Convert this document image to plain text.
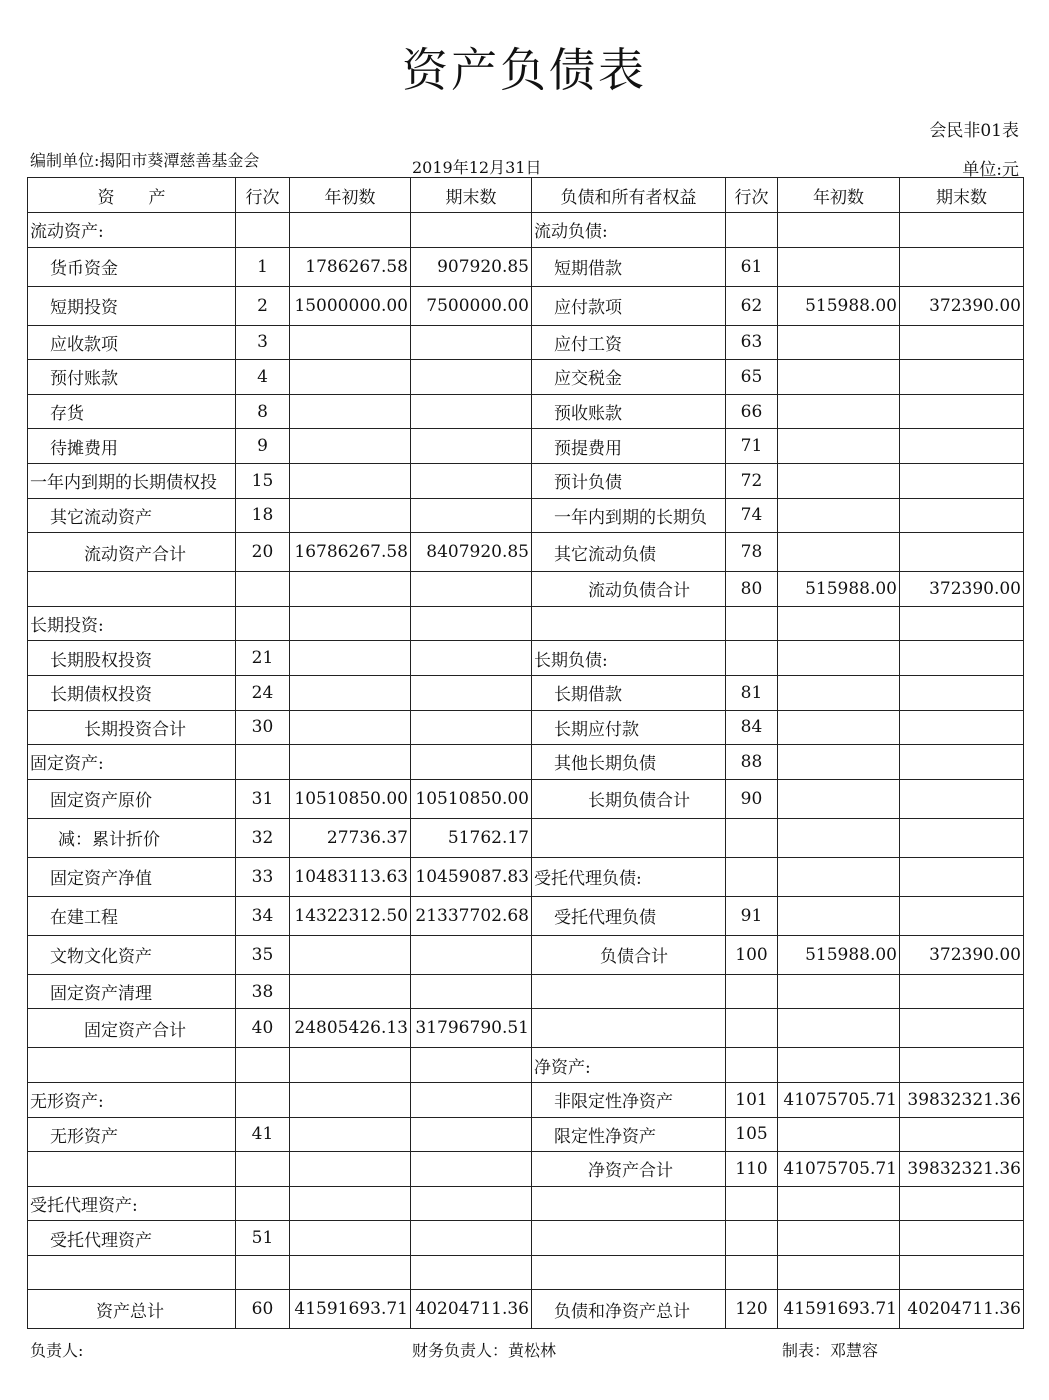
资产负债表
会民非01表
编制单位:揭阳市葵潭慈善基金会	2019年12月31日	单位:元
资　　产	行次	年初数	期末数	负债和所有者权益	行次	年初数	期末数
流动资产:				流动负债:			
货币资金	1	1786267.58	907920.85	短期借款	61		
短期投资	2	15000000.00	7500000.00	应付款项	62	515988.00	372390.00
应收款项	3			应付工资	63		
预付账款	4			应交税金	65		
存货	8			预收账款	66		
待摊费用	9			预提费用	71		
一年内到期的长期债权投	15			预计负债	72		
其它流动资产	18			一年内到期的长期负	74		
流动资产合计	20	16786267.58	8407920.85	其它流动负债	78		
				流动负债合计	80	515988.00	372390.00
长期投资:							
长期股权投资	21			长期负债:			
长期债权投资	24			长期借款	81		
长期投资合计	30			长期应付款	84		
固定资产:				其他长期负债	88		
固定资产原价	31	10510850.00	10510850.00	长期负债合计	90		
减：累计折价	32	27736.37	51762.17				
固定资产净值	33	10483113.63	10459087.83	受托代理负债:			
在建工程	34	14322312.50	21337702.68	受托代理负债	91		
文物文化资产	35			负债合计	100	515988.00	372390.00
固定资产清理	38						
固定资产合计	40	24805426.13	31796790.51				
				净资产:			
无形资产:				非限定性净资产	101	41075705.71	39832321.36
无形资产	41			限定性净资产	105		
				净资产合计	110	41075705.71	39832321.36
受托代理资产:							
受托代理资产	51						

资产总计	60	41591693.71	40204711.36	负债和净资产总计	120	41591693.71	40204711.36
负责人:	财务负责人：黄松林	制表：邓慧容
